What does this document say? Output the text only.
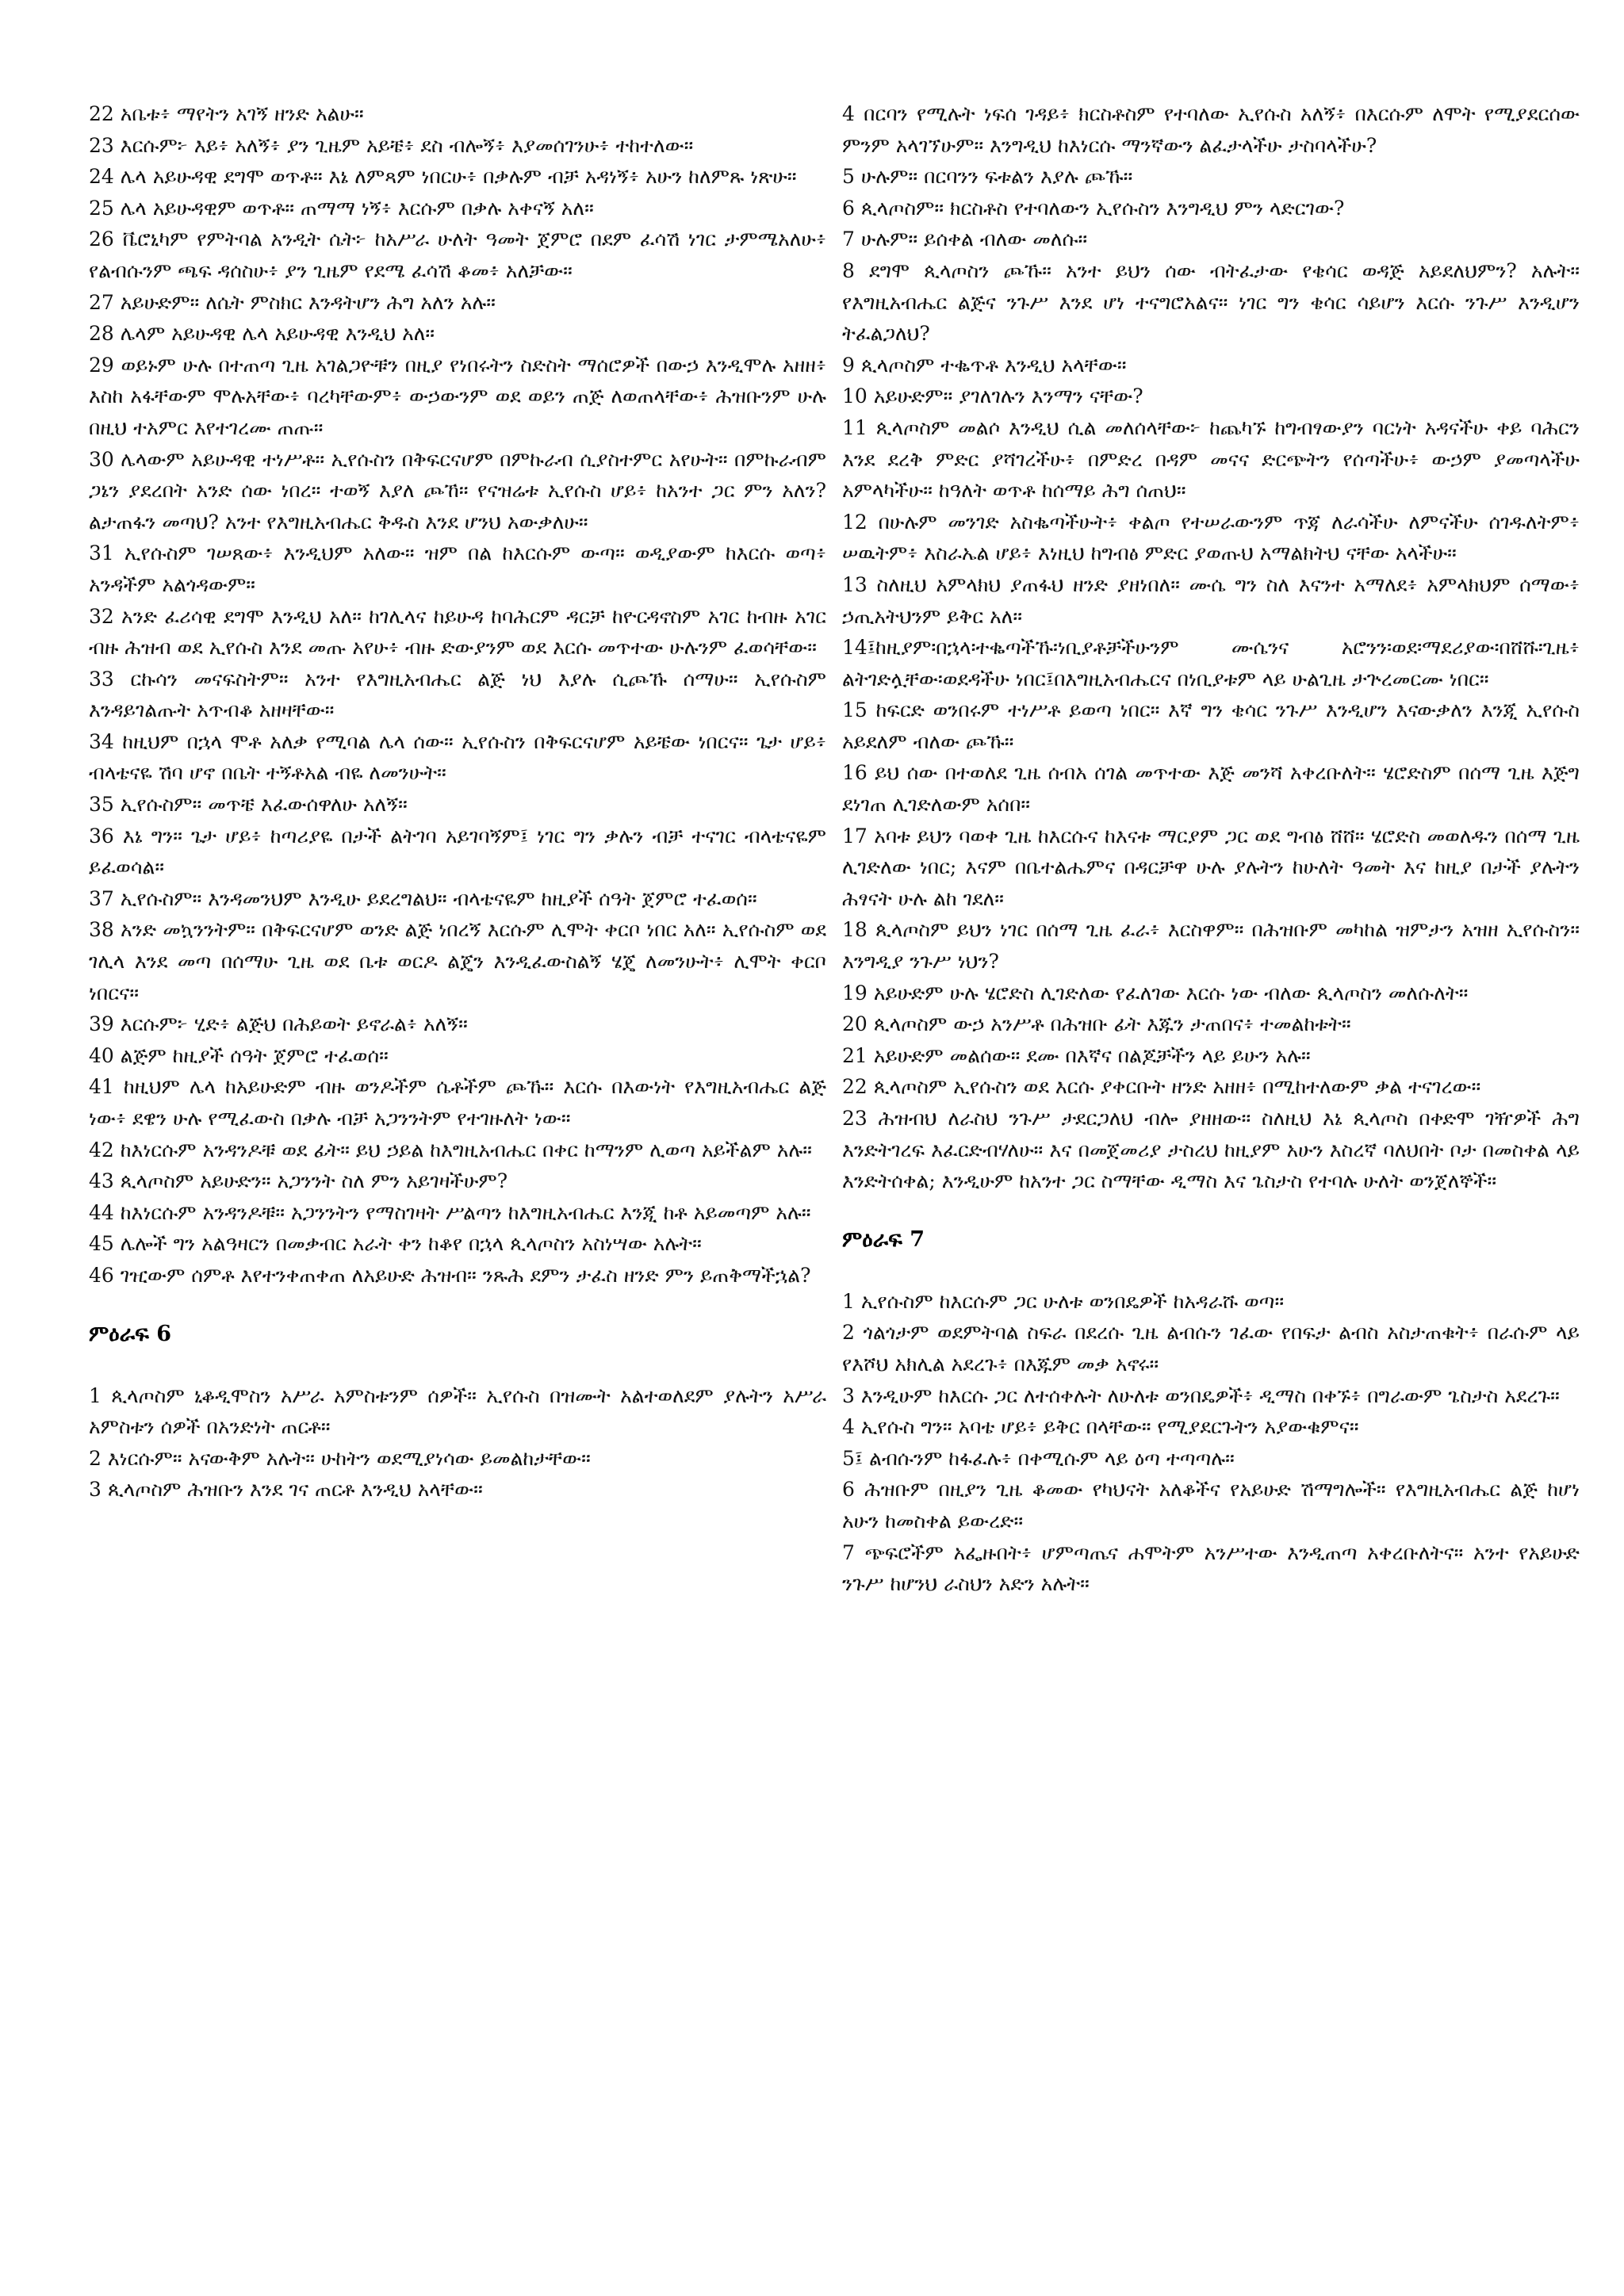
22 አቤቱ፥ ማየትን አገኝ ዘንድ አልሁ።

23 እርሱም፦ እይ፥ አለኝ፥ ያን ጊዜም አይቼ፥ ደስ ብሎኝ፥ እያመሰገንሁ፥ ተከተለው።

24 ሌላ አይሁዳዊ ደግሞ ወጥቶ። እኔ ለምጻም ነበርሁ፥ በቃሉም ብቻ አዳነኝ፥ አሁን ከለምጹ ነጽሁ።

25 ሌላ አይሁዳዊም ወጥቶ። ጠማማ ነኝ፥ እርሱም በቃሉ አቀናኝ አለ።

26 ቬሮኒካም የምትባል አንዲት ሴት፦ ከአሥራ ሁለት ዓመት ጀምሮ በደም ፈሳሽ ነገር ታምሜአለሁ፥ የልብሱንም ጫፍ ዳሰስሁ፥ ያን ጊዜም የደሜ ፈሳሽ ቆመ፥ አለቻው።

27 አይሁድም። ለሴት ምስክር እንዳትሆን ሕግ አለን አሉ።

28 ሌላም አይሁዳዊ ሌላ አይሁዳዊ እንዲህ አለ።

29 ወይኑም ሁሉ በተጠጣ ጊዜ አገልጋዮቹን በዚያ የነበሩትን ስድስት ማሰሮዎች በውኃ እንዲሞሉ አዘዘ፥ እስከ አፋቸውም ሞሉአቸው፥ ባረካቸውም፥ ውኃውንም ወደ ወይን ጠጅ ለወጠላቸው፥ ሕዝቡንም ሁሉ በዚህ ተአምር እየተገረሙ ጠጡ።

30 ሌላውም አይሁዳዊ ተነሥቶ። ኢየሱስን በቅፍርናሆም በምኩራብ ሲያስተምር አየሁት። በምኩራብም ጋኔን ያደረበት አንድ ሰው ነበረ። ተወኝ እያለ ጮኸ። የናዝሬቱ ኢየሱስ ሆይ፥ ከአንተ ጋር ምን አለን? ልታጠፋን መጣህ? አንተ የእግዚአብሔር ቅዱስ እንደ ሆንህ አውቃለሁ።

31 ኢየሱስም ገሠጸው፥ እንዲህም አለው። ዝም በል ከእርሱም ውጣ። ወዲያውም ከእርሱ ወጣ፥ አንዳችም አልጎዳውም።

32 አንድ ፈሪሳዊ ደግሞ እንዲህ አለ። ከገሊላና ከይሁዳ ከባሕርም ዳርቻ ከዮርዳኖስም አገር ከብዙ አገር ብዙ ሕዝብ ወደ ኢየሱስ እንደ መጡ አየሁ፥ ብዙ ድውያንም ወደ እርሱ መጥተው ሁሉንም ፈወሳቸው።

33 ርኩሳን መናፍስትም። አንተ የእግዚአብሔር ልጅ ነህ እያሉ ሲጮኹ ሰማሁ። ኢየሱስም እንዳይገልጡት አጥብቆ አዘዛቸው።

34 ከዚህም በኋላ ሞቶ አለቃ የሚባል ሌላ ሰው። ኢየሱስን በቅፍርናሆም አይቼው ነበርና። ጌታ ሆይ፥ ብላቴናዬ ሽባ ሆኖ በቤት ተኝቶአል ብዬ ለመንሁት።

35 ኢየሱስም። መጥቼ እፈውሰዋለሁ አለኝ።

36 እኔ ግን። ጌታ ሆይ፥ ከጣሪያዬ በታች ልትገባ አይገባኝም፤ ነገር ግን ቃሉን ብቻ ተናገር ብላቴናዬም ይፈወሳል።

37 ኢየሱስም። እንዳመንህም እንዲሁ ይደረግልህ። ብላቴናዬም ከዚያች ሰዓት ጀምሮ ተፈወሰ።

38 አንድ መኳንንትም። በቅፍርናሆም ወንድ ልጅ ነበረኝ እርሱም ሊሞት ቀርቦ ነበር አለ። ኢየሱስም ወደ ገሊላ እንደ መጣ በሰማሁ ጊዜ ወደ ቤቱ ወርዶ ልጄን እንዲፈውስልኝ ሄጄ ለመንሁት፥ ሊሞት ቀርቦ ነበርና።

39 እርሱም፦ ሂድ፥ ልጅህ በሕይወት ይኖራል፥ አለኝ።

40 ልጅም ከዚያች ሰዓት ጀምሮ ተፈወሰ።

41 ከዚህም ሌላ ከአይሁድም ብዙ ወንዶችም ሴቶችም ጮኹ። እርሱ በእውነት የእግዚአብሔር ልጅ ነው፥ ደዌን ሁሉ የሚፈውስ በቃሉ ብቻ አጋንንትም የተገዙለት ነው።

42 ከእነርሱም አንዳንዶቹ ወደ ፊት። ይህ ኃይል ከእግዚአብሔር በቀር ከማንም ሊወጣ አይችልም አሉ።

43 ጲላጦስም አይሁድን። አጋንንት ስለ ምን አይገዛችሁም?

44 ከእነርሱም አንዳንዶቹ። አጋንንትን የማስገዛት ሥልጣን ከእግዚአብሔር እንጂ ከቶ አይመጣም አሉ።

45 ሌሎች ግን አልዓዛርን በመቃብር አራት ቀን ከቆየ በኋላ ጲላጦስን አስነሣው አሉት።

46 ገዢውም ሰምቶ እየተንቀጠቀጠ ለአይሁድ ሕዝብ። ንጹሕ ደምን ታፈስ ዘንድ ምን ይጠቅማችኋል?

ምዕራፍ 6

1 ጲላጦስም ኒቆዲሞስን አሥራ አምስቱንም ሰዎች። ኢየሱስ በዝሙት አልተወለደም ያሉትን አሥራ አምስቱን ሰዎች በአንድነት ጠርቶ።

2 እነርሱም። አናውቅም አሉት። ሁከትን ወደሚያነሳው ይመልከታቸው።

3 ጲላጦስም ሕዝቡን እንደ ገና ጠርቶ እንዲህ አላቸው።

4 በርባን የሚሉት ነፍሰ ገዳይ፥ ክርስቶስም የተባለው ኢየሱስ አለኝ፥ በእርሱም ለሞት የሚያደርሰው ምንም አላገኘሁም። እንግዲህ ከእነርሱ ማንኛውን ልፈታላችሁ ታስባላችሁ?

5 ሁሉም። በርባንን ፍቱልን እያሉ ጮኹ።

6 ጲላጦስም። ክርስቶስ የተባለውን ኢየሱስን እንግዲህ ምን ላድርገው?

7 ሁሉም። ይሰቀል ብለው መለሱ።

8 ደግሞ ጲላጦስን ጮኹ። አንተ ይህን ሰው ብትፈታው የቄሳር ወዳጅ አይደለህምን? አሉት። የእግዚአብሔር ልጅና ንጉሥ እንደ ሆነ ተናግሮአልና። ነገር ግን ቄሳር ሳይሆን እርሱ ንጉሥ እንዲሆን ትፈልጋለህ?

9 ጲላጦስም ተቈጥቶ እንዲህ አላቸው።

10 አይሁድም። ያገለገሉን እንማን ናቸው?

11 ጲላጦስም መልሶ እንዲህ ሲል መለሰላቸው፦ ከጨካኙ ከግብፃውያን ባርነት አዳናችሁ ቀይ ባሕርን እንደ ደረቅ ምድር ያሻገረችሁ፥ በምድረ በዳም መናና ድርጭትን የሰጣችሁ፥ ውኃም ያመጣላችሁ አምላካችሁ። ከዓለት ወጥቶ ከሰማይ ሕግ ሰጠህ።

12 በሁሉም መንገድ አስቈጣችሁት፥ ቀልጦ የተሠራውንም ጥጃ ለራሳችሁ ለምናችሁ ሰገዱለትም፥ ሠዉትም፥ እስራኤል ሆይ፥ እነዚህ ከግብፅ ምድር ያወጡህ አማልክትህ ናቸው አላችሁ።

13 ስለዚህ አምላክህ ያጠፋህ ዘንድ ያዘነበለ። ሙሴ ግን ስለ እናንተ አማለደ፥ አምላክህም ሰማው፥ ኃጢአትህንም ይቅር አለ።

14፤ከዚያም፡በኋላ፡ተቈጣችኹ፡ነቢያቶቻችሁንም ሙሴንና አሮንን፡ወደ፡ማደሪያው፡በሸሹ፡ጊዜ፥ ልትገድሏቸው፡ወደዳችሁ ነበር፤በእግዚአብሔርና በነቢያቱም ላይ ሁልጊዜ ታጕረመርሙ ነበር።

15 ከፍርድ ወንበሩም ተነሥቶ ይወጣ ነበር። እኛ ግን ቄሳር ንጉሥ እንዲሆን እናውቃለን እንጂ ኢየሱስ አይደለም ብለው ጮኹ።

16 ይህ ሰው በተወለደ ጊዜ ሰብአ ሰገል መጥተው እጅ መንሻ አቀረቡለት። ሄሮድስም በሰማ ጊዜ እጅግ ደነገጠ ሊገድለውም አሰበ።

17 አባቱ ይህን ባወቀ ጊዜ ከእርሱና ከእናቱ ማርያም ጋር ወደ ግብፅ ሸሸ። ሄሮድስ መወለዱን በሰማ ጊዜ ሊገድለው ነበር; እናም በቤተልሔምና በዳርቻዋ ሁሉ ያሉትን ከሁለት ዓመት እና ከዚያ በታች ያሉትን ሕፃናት ሁሉ ልከ ገደለ።

18 ጲላጦስም ይህን ነገር በሰማ ጊዜ ፈራ፥ እርስዋም። በሕዝቡም መካከል ዝምታን አዝዘ ኢየሱስን። እንግዲያ ንጉሥ ነህን?

19 አይሁድም ሁሉ ሄሮድስ ሊገድለው የፈለገው እርሱ ነው ብለው ጲላጦስን መለሱለት።

20 ጲላጦስም ውኃ አንሥቶ በሕዝቡ ፊት እጁን ታጠበና፥ ተመልከቱት።

21 አይሁድም መልሰው። ደሙ በእኛና በልጆቻችን ላይ ይሁን አሉ።

22 ጲላጦስም ኢየሱስን ወደ እርሱ ያቀርቡት ዘንድ አዘዘ፥ በሚከተለውም ቃል ተናገረው።

23 ሕዝብህ ለራስህ ንጉሥ ታደርጋለህ ብሎ ያዘዘው። ስለዚህ እኔ ጲላጦስ በቀድሞ ገዥዎች ሕግ እንድትገረፍ እፈርድብሃለሁ። እና በመጀመሪያ ታስረህ ከዚያም አሁን እስረኛ ባለህበት ቦታ በመስቀል ላይ እንድትሰቀል; እንዲሁም ከአንተ ጋር ስማቸው ዲማስ እና ጌስታስ የተባሉ ሁለት ወንጀለኞች።

ምዕራፍ 7

1 ኢየሱስም ከእርሱም ጋር ሁለቱ ወንበዴዎች ከአዳራሹ ወጣ።

2 ጎልጎታም ወደምትባል ስፍራ በደረሱ ጊዜ ልብሱን ገፈው የበፍታ ልብስ አስታጠቁት፥ በራሱም ላይ የእሾህ አክሊል አደረጉ፥ በእጁም መቃ አኖሩ።

3 እንዲሁም ከእርሱ ጋር ለተሰቀሉት ለሁለቱ ወንበዴዎች፥ ዲማስ በቀኙ፥ በግራውም ጌስታስ አደረጉ።

4 ኢየሱስ ግን። አባቴ ሆይ፥ ይቅር በላቸው። የሚያደርጉትን አያውቁምና።

5፤ ልብሱንም ከፋፈሉ፥ በቀሚሱም ላይ ዕጣ ተጣጣሉ።

6 ሕዝቡም በዚያን ጊዜ ቆመው የካህናት አለቆችና የአይሁድ ሽማግሎች። የእግዚአብሔር ልጅ ከሆነ አሁን ከመስቀል ይውረድ።

7 ጭፍሮችም አፌዙበት፥ ሆምጣጤና ሐሞትም አንሥተው እንዲጠጣ አቀረቡለትና። አንተ የአይሁድ ንጉሥ ከሆንህ ራስህን አድን አሉት።
